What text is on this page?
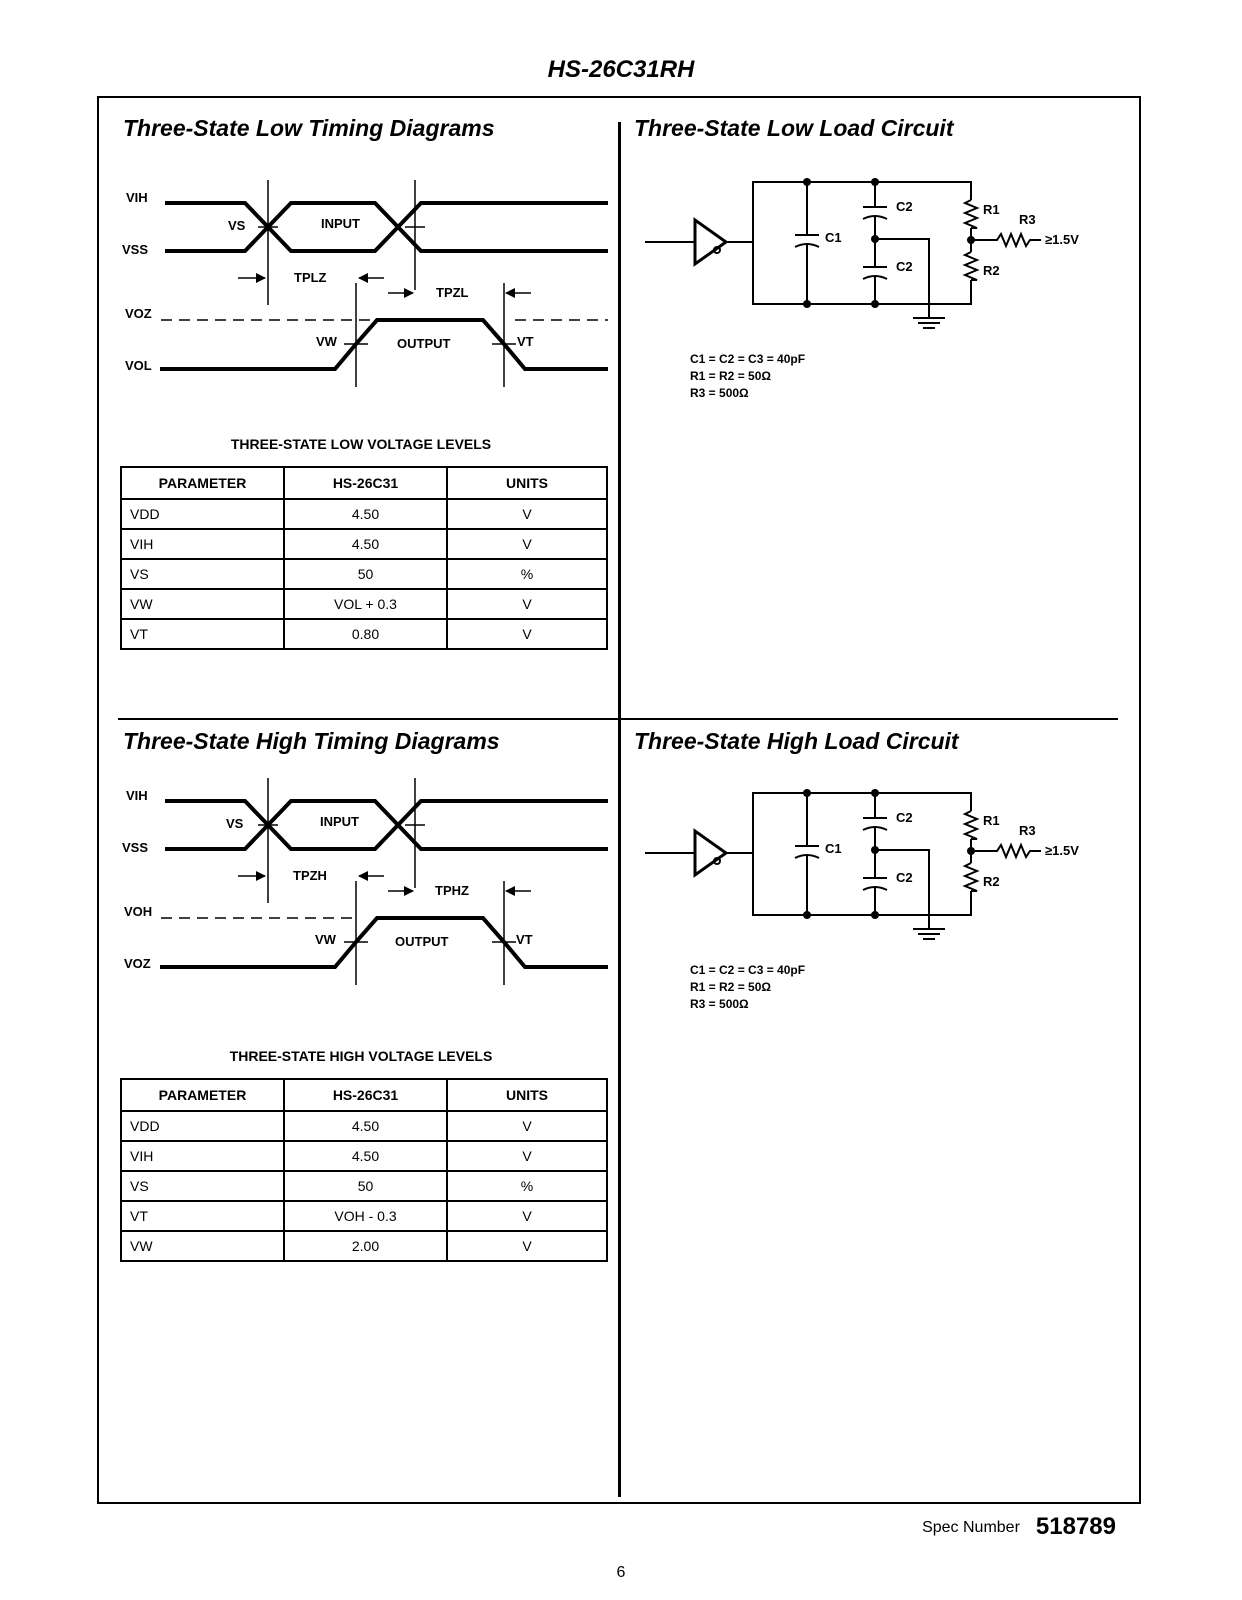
HS-26C31RH
Three-State Low Timing Diagrams	Three-State Low Load Circuit
VIH
VS	INPUT
VSS
TPLZ
TPZL
VOZ
VW	OUTPUT	VT
VOL
THREE-STATE LOW VOLTAGE LEVELS
PARAMETER	HS-26C31	UNITS
VDD	4.50	V
VIH	4.50	V
VS	50	%
VW	VOL + 0.3	V
VT	0.80	V
C1
C2
C2
R1
R2
R3
≥1.5V
C1 = C2 = C3 = 40pF
R1 = R2 = 50Ω
R3 = 500Ω
Three-State High Timing Diagrams	Three-State High Load Circuit
VIH
VS	INPUT
VSS
TPZH
TPHZ
VOH
VW	OUTPUT	VT
VOZ
THREE-STATE HIGH VOLTAGE LEVELS
PARAMETER	HS-26C31	UNITS
VDD	4.50	V
VIH	4.50	V
VS	50	%
VT	VOH - 0.3	V
VW	2.00	V
C1
C2
C2
R1
R2
R3
≥1.5V
C1 = C2 = C3 = 40pF
R1 = R2 = 50Ω
R3 = 500Ω
Spec Number 518789
6
